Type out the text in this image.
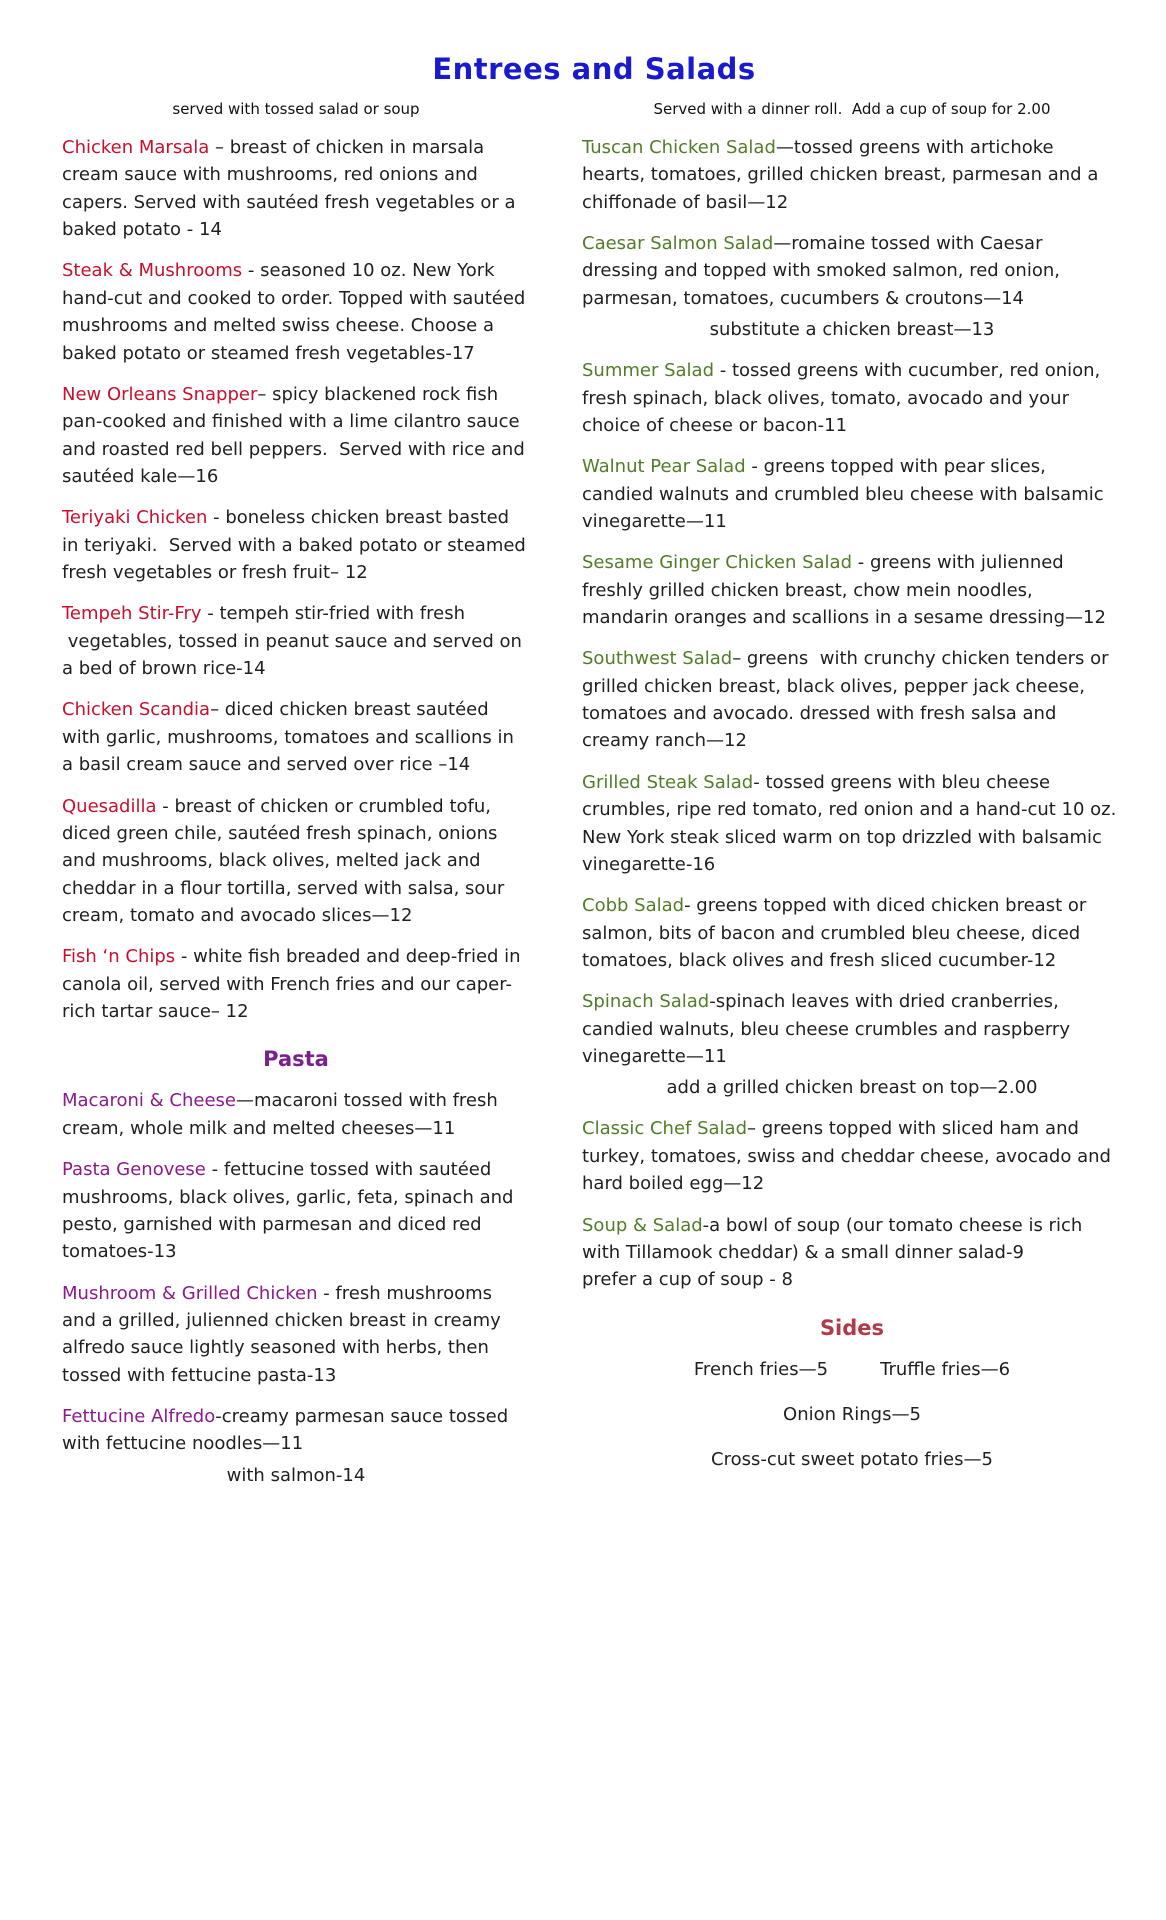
Entrees and Salads
served with tossed salad or soup

Chicken Marsala – breast of chicken in marsala cream sauce with mushrooms, red onions and capers. Served with sautéed fresh vegetables or a baked potato - 14

Steak & Mushrooms - seasoned 10 oz. New York hand-cut and cooked to order. Topped with sautéed mushrooms and melted swiss cheese. Choose a baked potato or steamed fresh vegetables-17

New Orleans Snapper– spicy blackened rock fish pan-cooked and finished with a lime cilantro sauce and roasted red bell peppers.  Served with rice and sautéed kale—16

Teriyaki Chicken - boneless chicken breast basted in teriyaki.  Served with a baked potato or steamed fresh vegetables or fresh fruit– 12

Tempeh Stir-Fry - tempeh stir-fried with fresh  vegetables, tossed in peanut sauce and served on a bed of brown rice-14

Chicken Scandia– diced chicken breast sautéed with garlic, mushrooms, tomatoes and scallions in a basil cream sauce and served over rice –14

Quesadilla - breast of chicken or crumbled tofu, diced green chile, sautéed fresh spinach, onions and mushrooms, black olives, melted jack and cheddar in a flour tortilla, served with salsa, sour cream, tomato and avocado slices—12

Fish ‘n Chips - white fish breaded and deep-fried in canola oil, served with French fries and our caper-rich tartar sauce– 12

Pasta

Macaroni & Cheese—macaroni tossed with fresh cream, whole milk and melted cheeses—11

Pasta Genovese - fettucine tossed with sautéed mushrooms, black olives, garlic, feta, spinach and pesto, garnished with parmesan and diced red tomatoes-13

Mushroom & Grilled Chicken - fresh mushrooms and a grilled, julienned chicken breast in creamy alfredo sauce lightly seasoned with herbs, then tossed with fettucine pasta-13

Fettucine Alfredo-creamy parmesan sauce tossed with fettucine noodles—11

with salmon-14
Served with a dinner roll.  Add a cup of soup for 2.00

Tuscan Chicken Salad—tossed greens with artichoke hearts, tomatoes, grilled chicken breast, parmesan and a chiffonade of basil—12

Caesar Salmon Salad—romaine tossed with Caesar dressing and topped with smoked salmon, red onion, parmesan, tomatoes, cucumbers & croutons—14

substitute a chicken breast—13

Summer Salad - tossed greens with cucumber, red onion, fresh spinach, black olives, tomato, avocado and your choice of cheese or bacon-11

Walnut Pear Salad - greens topped with pear slices, candied walnuts and crumbled bleu cheese with balsamic vinegarette—11

Sesame Ginger Chicken Salad - greens with julienned freshly grilled chicken breast, chow mein noodles, mandarin oranges and scallions in a sesame dressing—12

Southwest Salad– greens  with crunchy chicken tenders or grilled chicken breast, black olives, pepper jack cheese, tomatoes and avocado. dressed with fresh salsa and creamy ranch—12

Grilled Steak Salad- tossed greens with bleu cheese crumbles, ripe red tomato, red onion and a hand-cut 10 oz. New York steak sliced warm on top drizzled with balsamic vinegarette-16

Cobb Salad- greens topped with diced chicken breast or salmon, bits of bacon and crumbled bleu cheese, diced tomatoes, black olives and fresh sliced cucumber-12

Spinach Salad-spinach leaves with dried cranberries, candied walnuts, bleu cheese crumbles and raspberry vinegarette—11

add a grilled chicken breast on top—2.00

Classic Chef Salad– greens topped with sliced ham and turkey, tomatoes, swiss and cheddar cheese, avocado and hard boiled egg—12

Soup & Salad-a bowl of soup (our tomato cheese is rich with Tillamook cheddar) & a small dinner salad-9           prefer a cup of soup - 8

Sides
French fries—5	Truffle fries—6
Onion Rings—5
Cross-cut sweet potato fries—5
